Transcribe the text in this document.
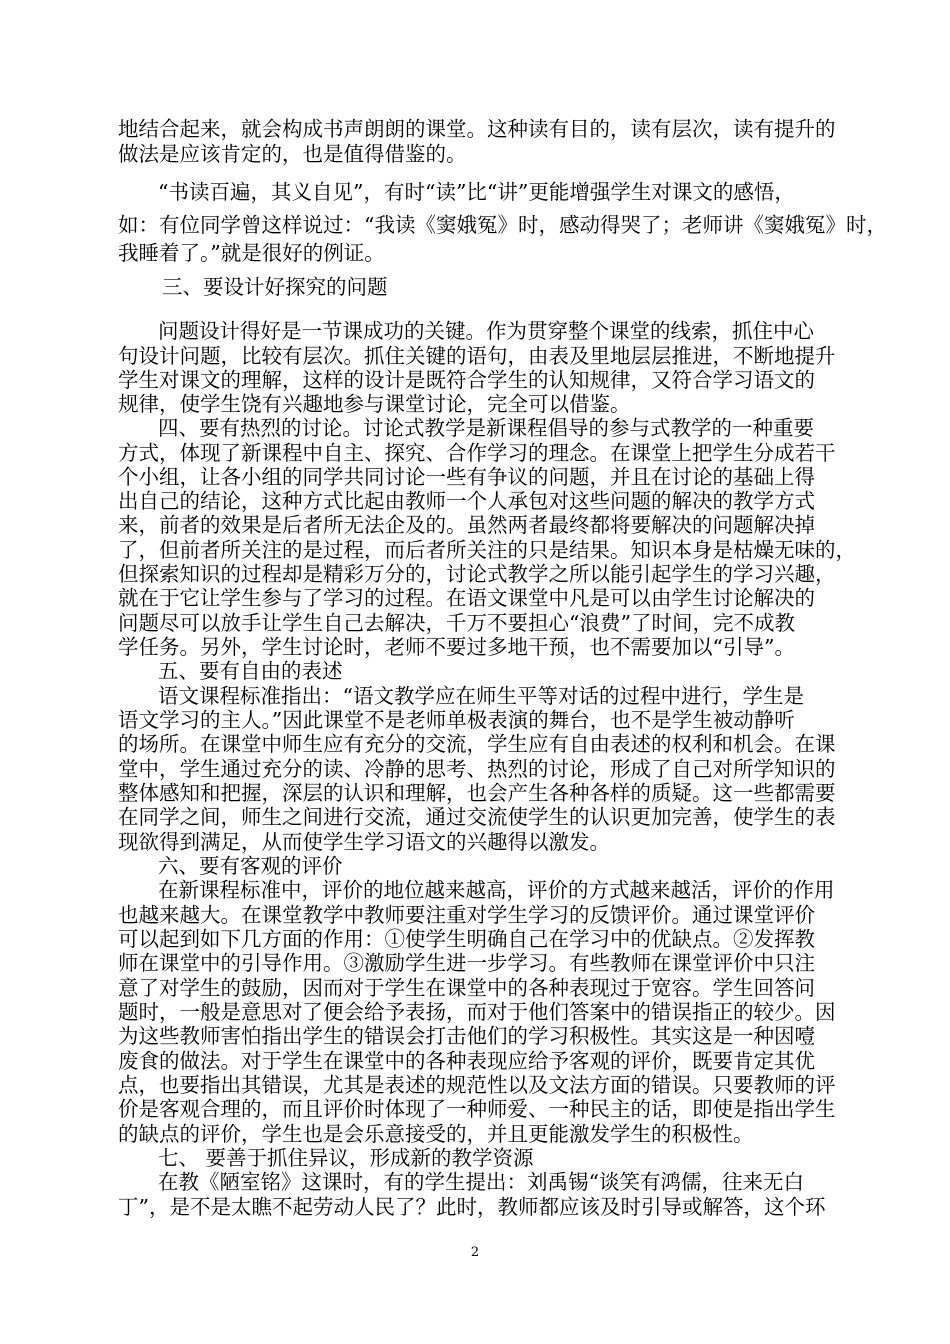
地结合起来，就会构成书声朗朗的课堂。这种读有目的，读有层次，读有提升的
做法是应该肯定的，也是值得借鉴的。
“书读百遍，其义自见”，有时“读”比“讲”更能增强学生对课文的感悟，
如：有位同学曾这样说过：“我读《窦娥冤》时，感动得哭了；老师讲《窦娥冤》时，
我睡着了。”就是很好的例证。
三、要设计好探究的问题
问题设计得好是一节课成功的关键。作为贯穿整个课堂的线索，抓住中心
句设计问题，比较有层次。抓住关键的语句，由表及里地层层推进，不断地提升
学生对课文的理解，这样的设计是既符合学生的认知规律，又符合学习语文的
规律，使学生饶有兴趣地参与课堂讨论，完全可以借鉴。
四、要有热烈的讨论。讨论式教学是新课程倡导的参与式教学的一种重要
方式，体现了新课程中自主、探究、合作学习的理念。在课堂上把学生分成若干
个小组，让各小组的同学共同讨论一些有争议的问题，并且在讨论的基础上得
出自己的结论，这种方式比起由教师一个人承包对这些问题的解决的教学方式
来，前者的效果是后者所无法企及的。虽然两者最终都将要解决的问题解决掉
了，但前者所关注的是过程，而后者所关注的只是结果。知识本身是枯燥无味的，
但探索知识的过程却是精彩万分的，讨论式教学之所以能引起学生的学习兴趣，
就在于它让学生参与了学习的过程。在语文课堂中凡是可以由学生讨论解决的
问题尽可以放手让学生自己去解决，千万不要担心“浪费”了时间，完不成教
学任务。另外，学生讨论时，老师不要过多地干预，也不需要加以“引导”。
五、要有自由的表述
语文课程标准指出：“语文教学应在师生平等对话的过程中进行，学生是
语文学习的主人。”因此课堂不是老师单极表演的舞台，也不是学生被动静听
的场所。在课堂中师生应有充分的交流，学生应有自由表述的权利和机会。在课
堂中，学生通过充分的读、冷静的思考、热烈的讨论，形成了自己对所学知识的
整体感知和把握，深层的认识和理解，也会产生各种各样的质疑。这一些都需要
在同学之间，师生之间进行交流，通过交流使学生的认识更加完善，使学生的表
现欲得到满足，从而使学生学习语文的兴趣得以激发。
六、要有客观的评价
在新课程标准中，评价的地位越来越高，评价的方式越来越活，评价的作用
也越来越大。在课堂教学中教师要注重对学生学习的反馈评价。通过课堂评价
可以起到如下几方面的作用：①使学生明确自己在学习中的优缺点。②发挥教
师在课堂中的引导作用。③激励学生进一步学习。有些教师在课堂评价中只注
意了对学生的鼓励，因而对于学生在课堂中的各种表现过于宽容。学生回答问
题时，一般是意思对了便会给予表扬，而对于他们答案中的错误指正的较少。因
为这些教师害怕指出学生的错误会打击他们的学习积极性。其实这是一种因噎
废食的做法。对于学生在课堂中的各种表现应给予客观的评价，既要肯定其优
点，也要指出其错误，尤其是表述的规范性以及文法方面的错误。只要教师的评
价是客观合理的，而且评价时体现了一种师爱、一种民主的话，即使是指出学生
的缺点的评价，学生也是会乐意接受的，并且更能激发学生的积极性。
七、 要善于抓住异议，形成新的教学资源
在教《陋室铭》这课时，有的学生提出：刘禹锡“谈笑有鸿儒，往来无白
丁”，是不是太瞧不起劳动人民了？此时，教师都应该及时引导或解答，这个环
2
